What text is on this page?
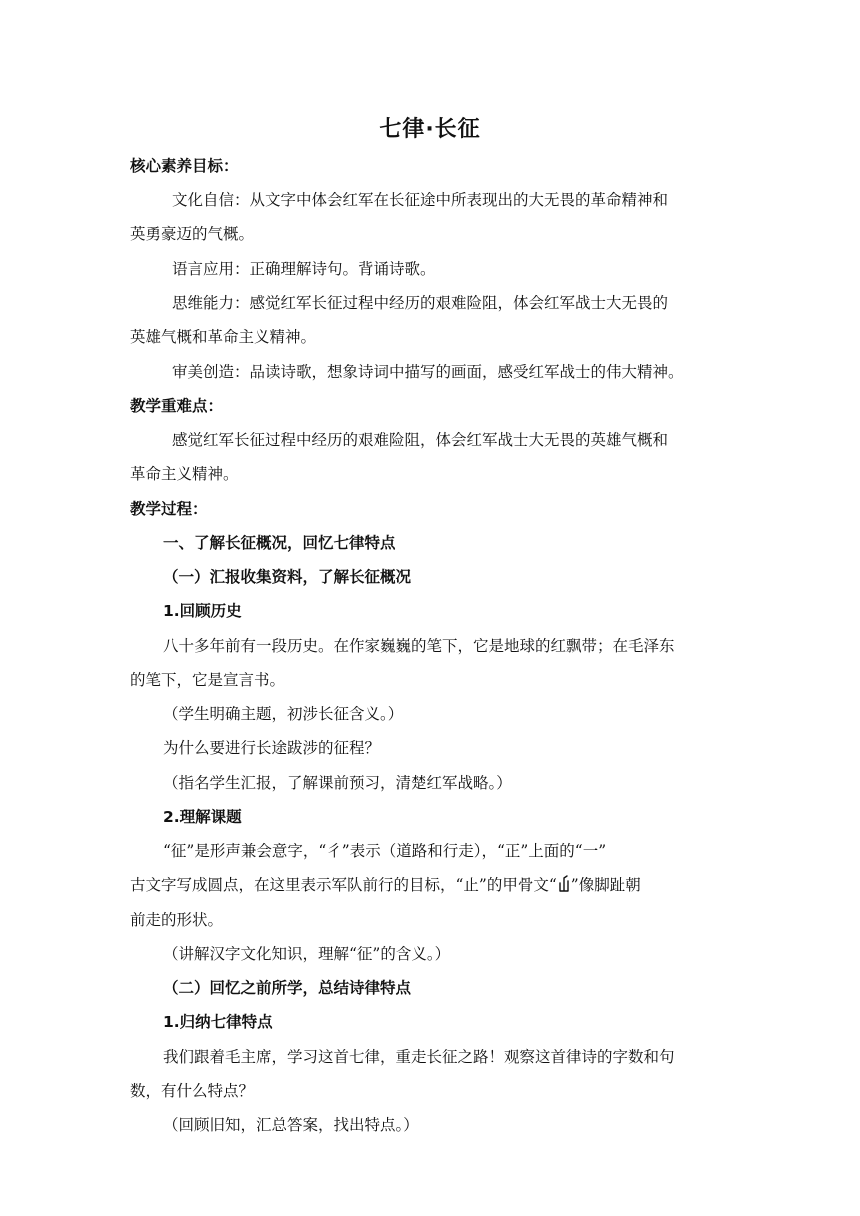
七律·长征
核心素养目标：
文化自信：从文字中体会红军在长征途中所表现出的大无畏的革命精神和
英勇豪迈的气概。
语言应用：正确理解诗句。背诵诗歌。
思维能力：感觉红军长征过程中经历的艰难险阻，体会红军战士大无畏的
英雄气概和革命主义精神。
审美创造：品读诗歌，想象诗词中描写的画面，感受红军战士的伟大精神。
教学重难点：
感觉红军长征过程中经历的艰难险阻，体会红军战士大无畏的英雄气概和
革命主义精神。
教学过程：
一、了解长征概况，回忆七律特点
（一）汇报收集资料，了解长征概况
1.回顾历史
八十多年前有一段历史。在作家巍巍的笔下，它是地球的红飘带；在毛泽东
的笔下，它是宣言书。
（学生明确主题，初涉长征含义。）
为什么要进行长途跋涉的征程？
（指名学生汇报，了解课前预习，清楚红军战略。）
2.理解课题
“征”是形声兼会意字，“彳”表示（道路和行走），“正”上面的“一”
古文字写成圆点，在这里表示军队前行的目标，“止”的甲骨文“ ”像脚趾朝
前走的形状。
（讲解汉字文化知识，理解“征”的含义。）
（二）回忆之前所学，总结诗律特点
1.归纳七律特点
我们跟着毛主席，学习这首七律，重走长征之路！观察这首律诗的字数和句
数，有什么特点？
（回顾旧知，汇总答案，找出特点。）
